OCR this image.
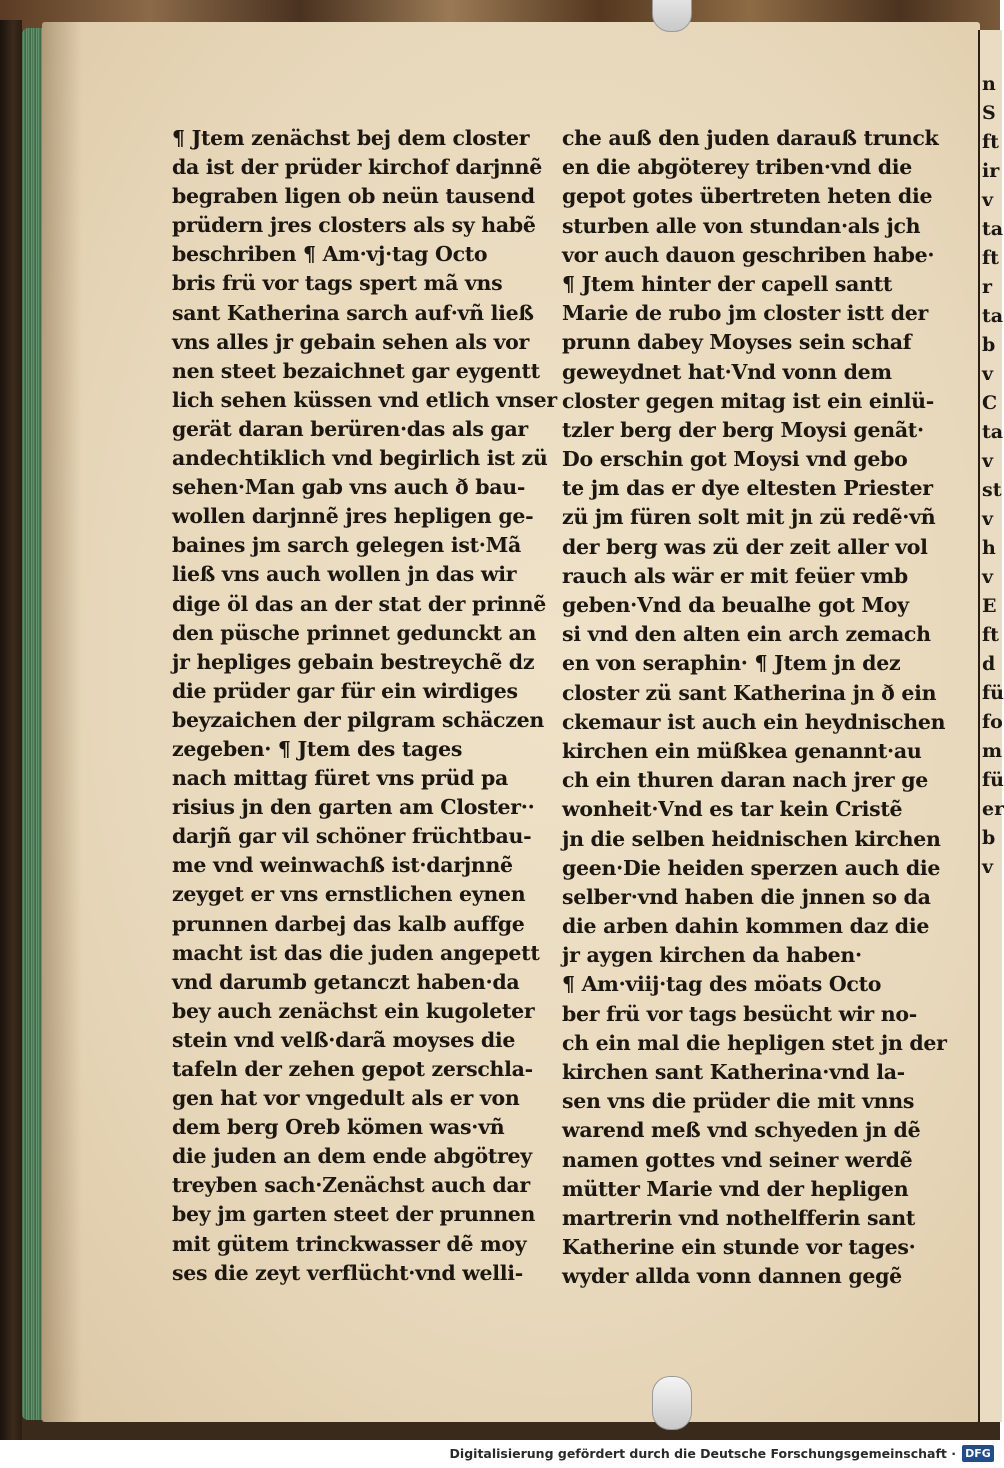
¶ Jtem zenächst bej dem closter
da ist der prüder kirchof darjnnẽ
begraben ligen ob neün tausend
prüdern jres closters als sy habẽ
beschriben ¶ Am·vj·tag Octo
bris frü vor tags spert mã vns
sant Katherina sarch auf·vñ ließ
vns alles jr gebain sehen als vor
nen steet bezaichnet gar eygentt
lich sehen küssen vnd etlich vnser
gerät daran berüren·das als gar
andechtiklich vnd begirlich ist zü
sehen·Man gab vns auch ð bau-
wollen darjnnẽ jres hepligen ge-
baines jm sarch gelegen ist·Mã
ließ vns auch wollen jn das wir
dige öl das an der stat der prinnẽ
den püsche prinnet gedunckt an
jr hepliges gebain bestreychẽ dz
die prüder gar für ein wirdiges
beyzaichen der pilgram schäczen
zegeben· ¶ Jtem des tages
nach mittag füret vns prüd pa
risius jn den garten am Closter··
darjñ gar vil schöner früchtbau-
me vnd weinwachß ist·darjnnẽ
zeyget er vns ernstlichen eynen
prunnen darbej das kalb auffge
macht ist das die juden angepett
vnd darumb getanczt haben·da
bey auch zenächst ein kugoleter
stein vnd velß·darã moyses die
tafeln der zehen gepot zerschla-
gen hat vor vngedult als er von
dem berg Oreb kömen was·vñ
die juden an dem ende abgötrey
treyben sach·Zenächst auch dar
bey jm garten steet der prunnen
mit gütem trinckwasser dẽ moy
ses die zeyt verflücht·vnd welli-
che auß den juden darauß trunck
en die abgöterey triben·vnd die
gepot gotes übertreten heten die
sturben alle von stundan·als jch
vor auch dauon geschriben habe·
¶ Jtem hinter der capell santt
Marie de rubo jm closter istt der
prunn dabey Moyses sein schaf
geweydnet hat·Vnd vonn dem
closter gegen mitag ist ein einlü-
tzler berg der berg Moysi genãt·
Do erschin got Moysi vnd gebo
te jm das er dye eltesten Priester
zü jm füren solt mit jn zü redẽ·vñ
der berg was zü der zeit aller vol
rauch als wär er mit feüer vmb
geben·Vnd da beualhe got Moy
si vnd den alten ein arch zemach
en von seraphin· ¶ Jtem jn dez
closter zü sant Katherina jn ð ein
ckemaur ist auch ein heydnischen
kirchen ein müßkea genannt·au
ch ein thuren daran nach jrer ge
wonheit·Vnd es tar kein Cristẽ
jn die selben heidnischen kirchen
geen·Die heiden sperzen auch die
selber·vnd haben die jnnen so da
die arben dahin kommen daz die
jr aygen kirchen da haben·
¶ Am·viij·tag des möats Octo
ber frü vor tags besücht wir no-
ch ein mal die hepligen stet jn der
kirchen sant Katherina·vnd la-
sen vns die prüder die mit vnns
warend meß vnd schyeden jn dẽ
namen gottes vnd seiner werdẽ
mütter Marie vnd der hepligen
martrerin vnd nothelfferin sant
Katherine ein stunde vor tages·
wyder allda vonn dannen gegẽ
n
S
ft
ir
v
ta
ft
r
ta
b
v
C
ta
v
st
v
h
v
E
ft
d
fü
fo
m
fü
er
b
v
Digitalisierung gefördert durch die Deutsche Forschungsgemeinschaft · DFG
